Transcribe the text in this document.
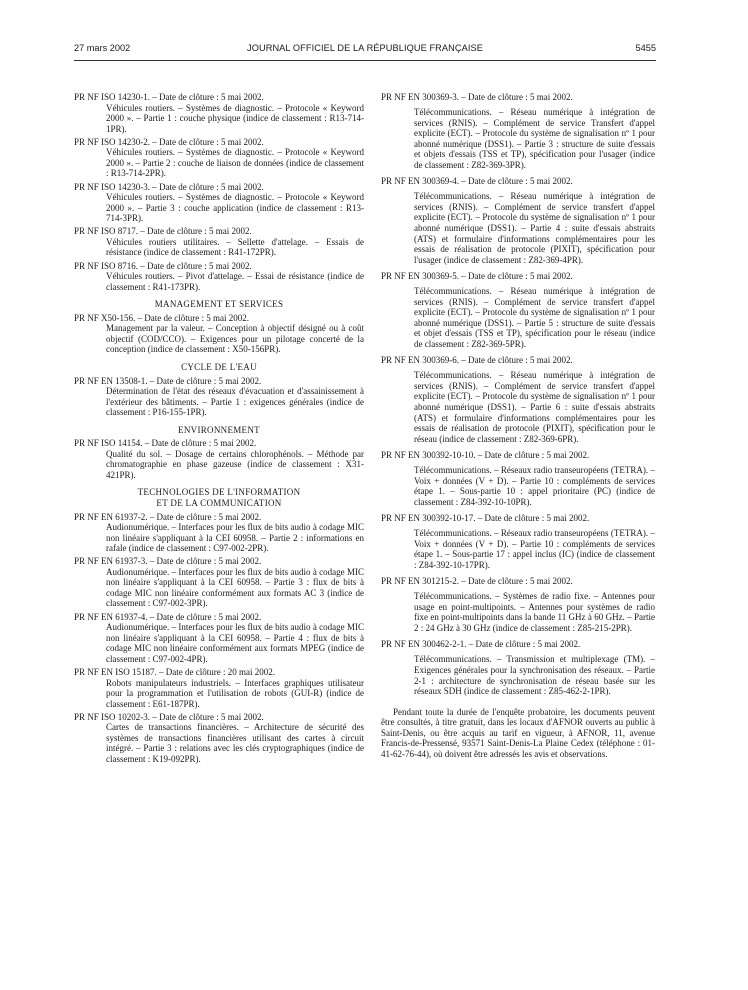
27 mars 2002	JOURNAL OFFICIEL DE LA RÉPUBLIQUE FRANÇAISE	5455

PR NF ISO 14230-1. – Date de clôture : 5 mai 2002.

Véhicules routiers. – Systèmes de diagnostic. – Protocole « Keyword 2000 ». – Partie 1 : couche physique (indice de classement : R13-714-1PR).

PR NF ISO 14230-2. – Date de clôture : 5 mai 2002.

Véhicules routiers. – Systèmes de diagnostic. – Protocole « Keyword 2000 ». – Partie 2 : couche de liaison de données (indice de classement : R13-714-2PR).

PR NF ISO 14230-3. – Date de clôture : 5 mai 2002.

Véhicules routiers. – Systèmes de diagnostic. – Protocole « Keyword 2000 ». – Partie 3 : couche application (indice de classement : R13-714-3PR).

PR NF ISO 8717. – Date de clôture : 5 mai 2002.

Véhicules routiers utilitaires. – Sellette d'attelage. – Essais de résistance (indice de classement : R41-172PR).

PR NF ISO 8716. – Date de clôture : 5 mai 2002.

Véhicules routiers. – Pivot d'attelage. – Essai de résistance (indice de classement : R41-173PR).

MANAGEMENT ET SERVICES

PR NF X50-156. – Date de clôture : 5 mai 2002.

Management par la valeur. – Conception à objectif désigné ou à coût objectif (COD/CCO). – Exigences pour un pilotage concerté de la conception (indice de classement : X50-156PR).

CYCLE DE L'EAU

PR NF EN 13508-1. – Date de clôture : 5 mai 2002.

Détermination de l'état des réseaux d'évacuation et d'assainissement à l'extérieur des bâtiments. – Partie 1 : exigences générales (indice de classement : P16-155-1PR).

ENVIRONNEMENT

PR NF ISO 14154. – Date de clôture : 5 mai 2002.

Qualité du sol. – Dosage de certains chlorophénols. – Méthode par chromatographie en phase gazeuse (indice de classement : X31-421PR).

TECHNOLOGIES DE L'INFORMATION
ET DE LA COMMUNICATION

PR NF EN 61937-2. – Date de clôture : 5 mai 2002.

Audionumérique. – Interfaces pour les flux de bits audio à codage MIC non linéaire s'appliquant à la CEI 60958. – Partie 2 : informations en rafale (indice de classement : C97-002-2PR).

PR NF EN 61937-3. – Date de clôture : 5 mai 2002.

Audionumérique. – Interfaces pour les flux de bits audio à codage MIC non linéaire s'appliquant à la CEI 60958. – Partie 3 : flux de bits à codage MIC non linéaire conformément aux formats AC 3 (indice de classement : C97-002-3PR).

PR NF EN 61937-4. – Date de clôture : 5 mai 2002.

Audionumérique. – Interfaces pour les flux de bits audio à codage MIC non linéaire s'appliquant à la CEI 60958. – Partie 4 : flux de bits à codage MIC non linéaire conformément aux formats MPEG (indice de classement : C97-002-4PR).

PR NF EN ISO 15187. – Date de clôture : 20 mai 2002.

Robots manipulateurs industriels. – Interfaces graphiques utilisateur pour la programmation et l'utilisation de robots (GUI-R) (indice de classement : E61-187PR).

PR NF ISO 10202-3. – Date de clôture : 5 mai 2002.

Cartes de transactions financières. – Architecture de sécurité des systèmes de transactions financières utilisant des cartes à circuit intégré. – Partie 3 : relations avec les clés cryptographiques (indice de classement : K19-092PR).

PR NF EN 300369-3. – Date de clôture : 5 mai 2002.

Télécommunications. – Réseau numérique à intégration de services (RNIS). – Complément de service Transfert d'appel explicite (ECT). – Protocole du système de signalisation nº 1 pour abonné numérique (DSS1). – Partie 3 : structure de suite d'essais et objets d'essais (TSS et TP), spécification pour l'usager (indice de classement : Z82-369-3PR).

PR NF EN 300369-4. – Date de clôture : 5 mai 2002.

Télécommunications. – Réseau numérique à intégration de services (RNIS). – Complément de service transfert d'appel explicite (ECT). – Protocole du système de signalisation nº 1 pour abonné numérique (DSS1). – Partie 4 : suite d'essais abstraits (ATS) et formulaire d'informations complémentaires pour les essais de réalisation de protocole (PIXIT), spécification pour l'usager (indice de classement : Z82-369-4PR).

PR NF EN 300369-5. – Date de clôture : 5 mai 2002.

Télécommunications. – Réseau numérique à intégration de services (RNIS). – Complément de service transfert d'appel explicite (ECT). – Protocole du système de signalisation nº 1 pour abonné numérique (DSS1). – Partie 5 : structure de suite d'essais et objet d'essais (TSS et TP), spécification pour le réseau (indice de classement : Z82-369-5PR).

PR NF EN 300369-6. – Date de clôture : 5 mai 2002.

Télécommunications. – Réseau numérique à intégration de services (RNIS). – Complément de service transfert d'appel explicite (ECT). – Protocole du système de signalisation nº 1 pour abonné numérique (DSS1). – Partie 6 : suite d'essais abstraits (ATS) et formulaire d'informations complémentaires pour les essais de réalisation de protocole (PIXIT), spécification pour le réseau (indice de classement : Z82-369-6PR).

PR NF EN 300392-10-10. – Date de clôture : 5 mai 2002.

Télécommunications. – Réseaux radio transeuropéens (TETRA). – Voix + données (V + D). – Partie 10 : compléments de services étape 1. – Sous-partie 10 : appel prioritaire (PC) (indice de classement : Z84-392-10-10PR).

PR NF EN 300392-10-17. – Date de clôture : 5 mai 2002.

Télécommunications. – Réseaux radio transeuropéens (TETRA). – Voix + données (V + D). – Partie 10 : compléments de services étape 1. – Sous-partie 17 : appel inclus (IC) (indice de classement : Z84-392-10-17PR).

PR NF EN 301215-2. – Date de clôture : 5 mai 2002.

Télécommunications. – Systèmes de radio fixe. – Antennes pour usage en point-multipoints. – Antennes pour systèmes de radio fixe en point-multipoints dans la bande 11 GHz à 60 GHz. – Partie 2 : 24 GHz à 30 GHz (indice de classement : Z85-215-2PR).

PR NF EN 300462-2-1. – Date de clôture : 5 mai 2002.

Télécommunications. – Transmission et multiplexage (TM). – Exigences générales pour la synchronisation des réseaux. – Partie 2-1 : architecture de synchronisation de réseau basée sur les réseaux SDH (indice de classement : Z85-462-2-1PR).

Pendant toute la durée de l'enquête probatoire, les documents peuvent être consultés, à titre gratuit, dans les locaux d'AFNOR ouverts au public à Saint-Denis, ou être acquis au tarif en vigueur, à AFNOR, 11, avenue Francis-de-Pressensé, 93571 Saint-Denis-La Plaine Cedex (téléphone : 01-41-62-76-44), où doivent être adressés les avis et observations.
